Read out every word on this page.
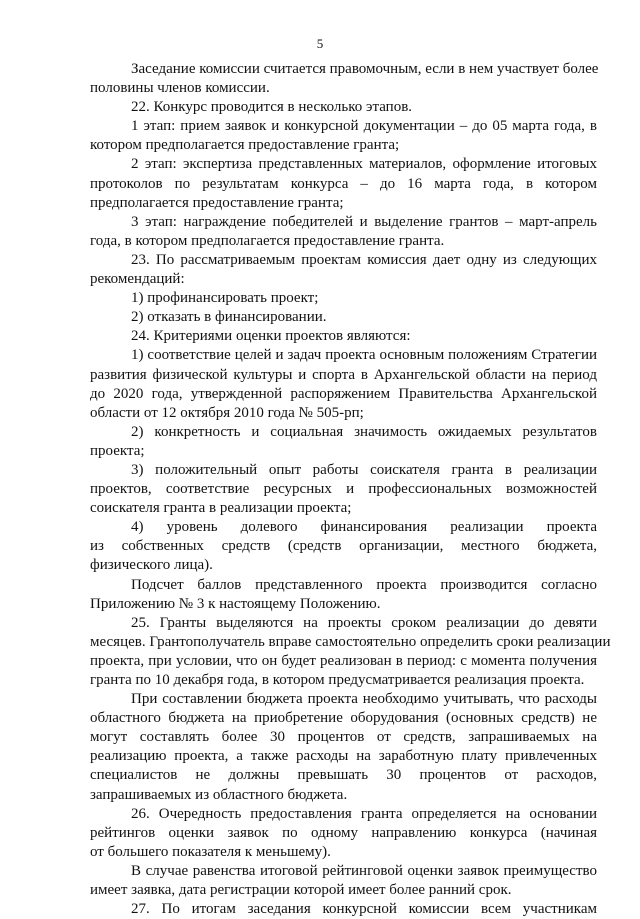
5
Заседание комиссии считается правомочным, если в нем участвует более
половины членов комиссии.
22. Конкурс проводится в несколько этапов.
1 этап: прием заявок и конкурсной документации – до 05 марта года, в
котором предполагается предоставление гранта;
2 этап: экспертиза представленных материалов, оформление итоговых
протоколов по результатам конкурса – до 16 марта года, в котором
предполагается предоставление гранта;
3 этап: награждение победителей и выделение грантов – март-апрель
года, в котором предполагается предоставление гранта.
23. По рассматриваемым проектам комиссия дает одну из следующих
рекомендаций:
1) профинансировать проект;
2) отказать в финансировании.
24. Критериями оценки проектов являются:
1) соответствие целей и задач проекта основным положениям Стратегии
развития физической культуры и спорта в Архангельской области на период
до 2020 года, утвержденной распоряжением Правительства Архангельской
области от 12 октября 2010 года № 505-рп;
2) конкретность и социальная значимость ожидаемых результатов
проекта;
3) положительный опыт работы соискателя гранта в реализации
проектов, соответствие ресурсных и профессиональных возможностей
соискателя гранта в реализации проекта;
4) уровень долевого финансирования реализации проекта
из собственных средств (средств организации, местного бюджета,
физического лица).
Подсчет баллов представленного проекта производится согласно
Приложению № 3 к настоящему Положению.
25. Гранты выделяются на проекты сроком реализации до девяти
месяцев. Грантополучатель вправе самостоятельно определить сроки реализации
проекта, при условии, что он будет реализован в период: с момента получения
гранта по 10 декабря года, в котором предусматривается реализация проекта.
При составлении бюджета проекта необходимо учитывать, что расходы
областного бюджета на приобретение оборудования (основных средств) не
могут составлять более 30 процентов от средств, запрашиваемых на
реализацию проекта, а также расходы на заработную плату привлеченных
специалистов не должны превышать 30 процентов от расходов,
запрашиваемых из областного бюджета.
26. Очередность предоставления гранта определяется на основании
рейтингов оценки заявок по одному направлению конкурса (начиная
от большего показателя к меньшему).
В случае равенства итоговой рейтинговой оценки заявок преимущество
имеет заявка, дата регистрации которой имеет более ранний срок.
27. По итогам заседания конкурсной комиссии всем участникам
